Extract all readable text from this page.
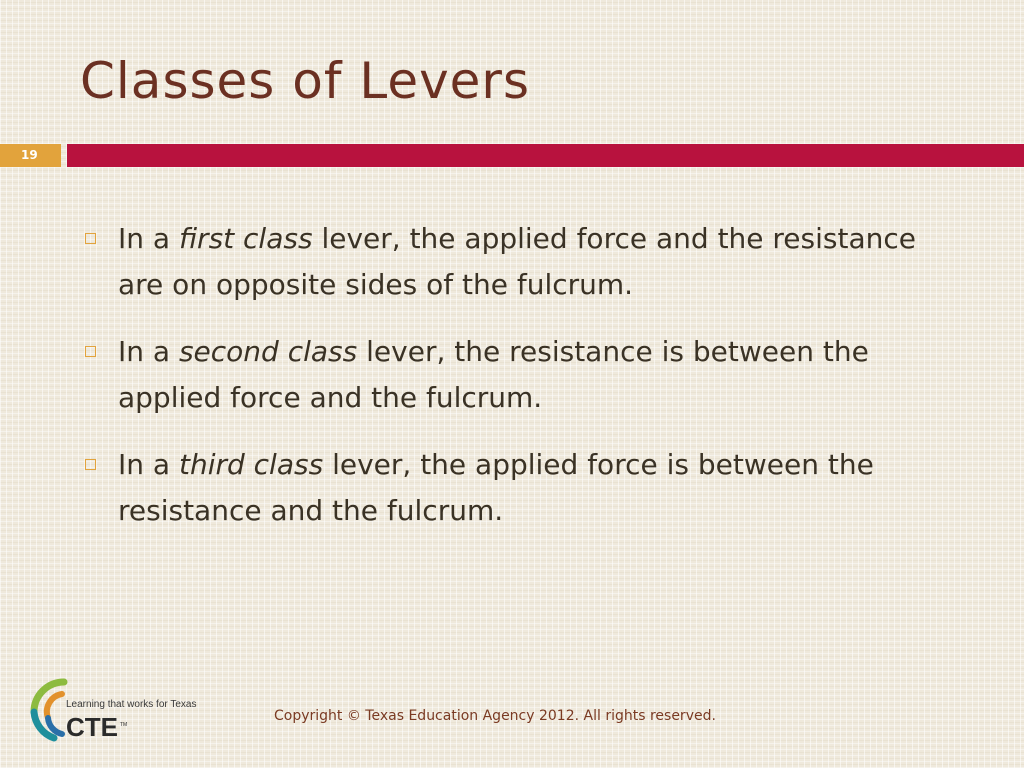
Classes of Levers
19
In a first class lever, the applied force and the resistance are on opposite sides of the fulcrum.
In a second class lever, the resistance is between the applied force and the fulcrum.
In a third class lever, the applied force is between the resistance and the fulcrum.
Learning that works for Texas
CTE TM
Copyright © Texas Education Agency 2012. All rights reserved.
